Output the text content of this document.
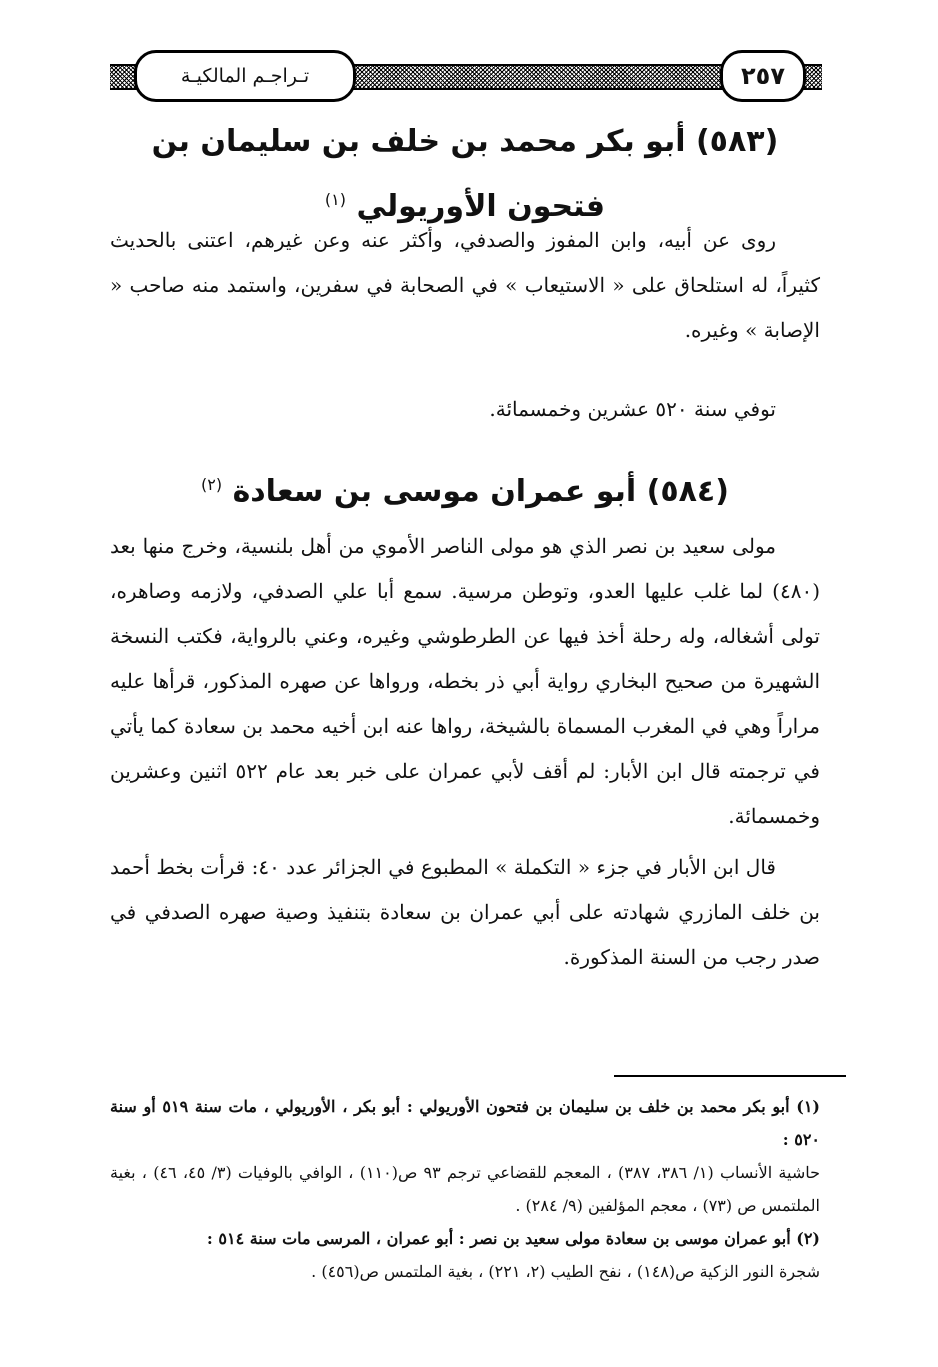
تـراجـم المالكيـة	٢٥٧
(٥٨٣) أبو بكر محمد بن خلف بن سليمان بن
فتحون الأوريولي $^{(١)}$

روى عن أبيه، وابن المفوز والصدفي، وأكثر عنه وعن غيرهم، اعتنى بالحديث كثيراً، له استلحاق على « الاستيعاب » في الصحابة في سفرين، واستمد منه صاحب « الإصابة » وغيره.

توفي سنة ٥٢٠ عشرين وخمسمائة.

(٥٨٤) أبو عمران موسى بن سعادة $^{(٢)}$

مولى سعيد بن نصر الذي هو مولى الناصر الأموي من أهل بلنسية، وخرج منها بعد (٤٨٠) لما غلب عليها العدو، وتوطن مرسية. سمع أبا علي الصدفي، ولازمه وصاهره، تولى أشغاله، وله رحلة أخذ فيها عن الطرطوشي وغيره، وعني بالرواية، فكتب النسخة الشهيرة من صحيح البخاري رواية أبي ذر بخطه، ورواها عن صهره المذكور، قرأها عليه مراراً وهي في المغرب المسماة بالشيخة، رواها عنه ابن أخيه محمد بن سعادة كما يأتي في ترجمته قال ابن الأبار: لم أقف لأبي عمران على خبر بعد عام ٥٢٢ اثنين وعشرين وخمسمائة.

قال ابن الأبار في جزء « التكملة » المطبوع في الجزائر عدد ٤٠: قرأت بخط أحمد بن خلف المازري شهادته على أبي عمران بن سعادة بتنفيذ وصية صهره الصدفي في صدر رجب من السنة المذكورة.

(١) أبو بكر محمد بن خلف بن سليمان بن فتحون الأوريولي : أبو بكر ، الأوريولي ، مات سنة ٥١٩ أو سنة ٥٢٠ :

حاشية الأنساب (١/ ٣٨٦، ٣٨٧) ، المعجم للقضاعي ترجم ٩٣ ص(١١٠) ، الوافي بالوفيات (٣/ ٤٥، ٤٦) ، بغية الملتمس ص (٧٣) ، معجم المؤلفين (٩/ ٢٨٤) .

(٢) أبو عمران موسى بن سعادة مولى سعيد بن نصر : أبو عمران ، المرسى مات سنة ٥١٤ :

شجرة النور الزكية ص(١٤٨) ، نفح الطيب (٢، ٢٢١) ، بغية الملتمس ص(٤٥٦) .
